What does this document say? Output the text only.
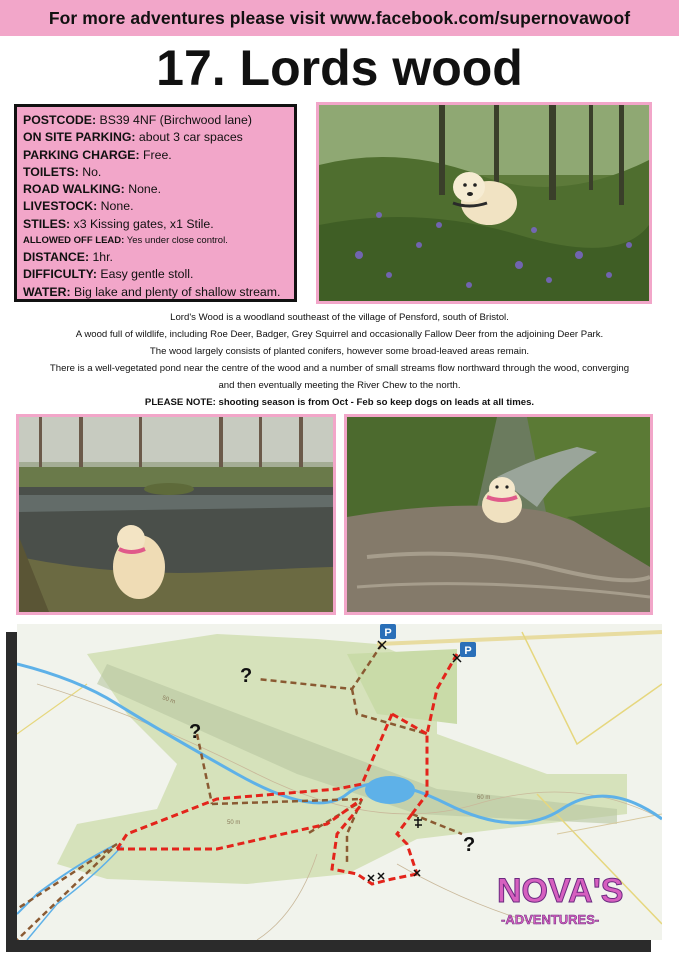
For more adventures please visit www.facebook.com/supernovawoof
17. Lords wood
POSTCODE: BS39 4NF (Birchwood lane)
ON SITE PARKING: about 3 car spaces
PARKING CHARGE: Free.
TOILETS: No.
ROAD WALKING: None.
LIVESTOCK: None.
STILES: x3 Kissing gates, x1 Stile.
ALLOWED OFF LEAD: Yes under close control.
DISTANCE: 1hr.
DIFFICULTY: Easy gentle stoll.
WATER: Big lake and plenty of shallow stream.

Lord's Wood is a woodland southeast of the village of Pensford, south of Bristol.

A wood full of wildlife, including Roe Deer, Badger, Grey Squirrel and occasionally Fallow Deer from the adjoining Deer Park.

The wood largely consists of planted conifers, however some broad-leaved areas remain.

There is a well-vegetated pond near the centre of the wood and a number of small streams flow northward through the wood, converging

and then eventually meeting the River Chew to the north.

PLEASE NOTE: shooting season is from Oct - Feb so keep dogs on leads at all times.

P
P
?
?
?
50 m
50 m
60 m
NOVA'S
-ADVENTURES-
